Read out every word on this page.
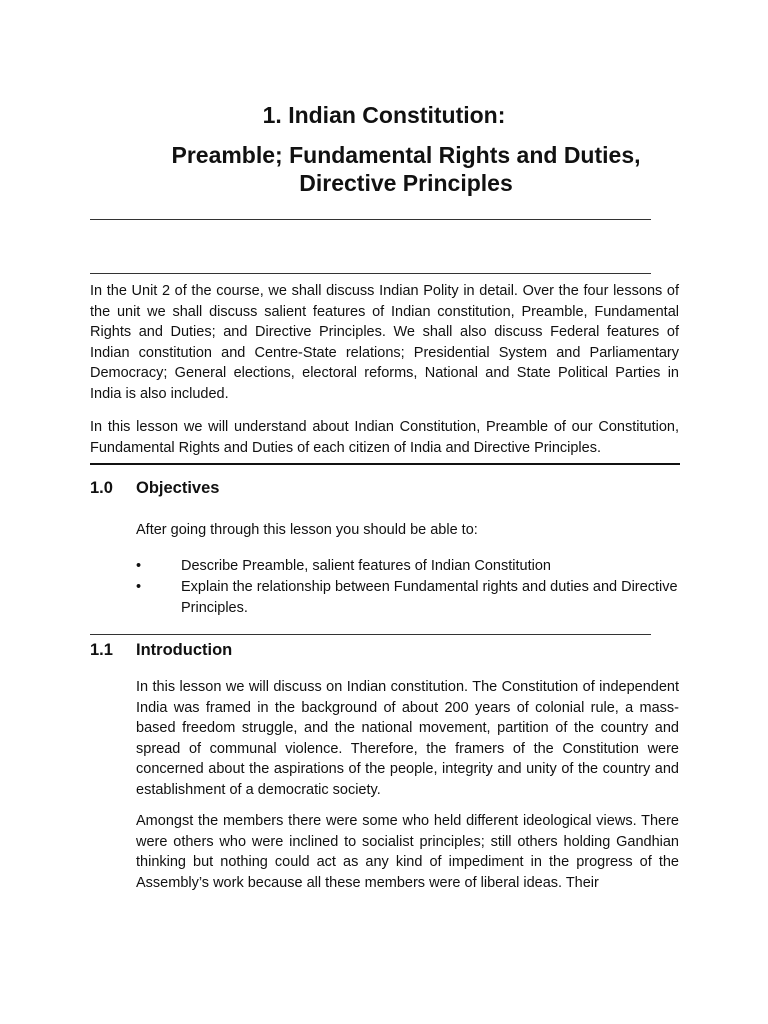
1. Indian Constitution:
Preamble; Fundamental Rights and Duties,
Directive Principles

In the Unit 2 of the course, we shall discuss Indian Polity in detail. Over the four lessons of the unit we shall discuss salient features of Indian constitution, Preamble, Fundamental Rights and Duties; and Directive Principles. We shall also discuss Federal features of Indian constitution and Centre-State relations; Presidential System and Parliamentary Democracy; General elections, electoral reforms, National and State Political Parties in India is also included.

In this lesson we will understand about Indian Constitution, Preamble of our Constitution, Fundamental Rights and Duties of each citizen of India and Directive Principles.

1.0 Objectives

After going through this lesson you should be able to:

•	Describe Preamble, salient features of Indian Constitution
•	Explain the relationship between Fundamental rights and duties and Directive Principles.
1.1 Introduction

In this lesson we will discuss on Indian constitution. The Constitution of independent India was framed in the background of about 200 years of colonial rule, a mass-based freedom struggle, and the national movement, partition of the country and spread of communal violence. Therefore, the framers of the Constitution were concerned about the aspirations of the people, integrity and unity of the country and establishment of a democratic society.

Amongst the members there were some who held different ideological views. There were others who were inclined to socialist principles; still others holding Gandhian thinking but nothing could act as any kind of impediment in the progress of the Assembly’s work because all these members were of liberal ideas. Their
